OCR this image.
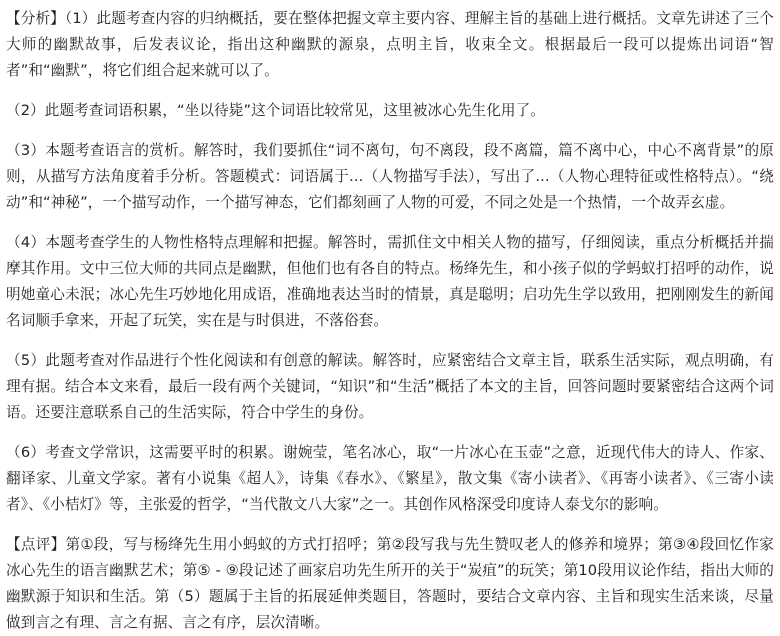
【分析】（1）此题考查内容的归纳概括，要在整体把握文章主要内容、理解主旨的基础上进行概括。文章先讲述了三个大师的幽默故事，后发表议论，指出这种幽默的源泉，点明主旨，收束全文。根据最后一段可以提炼出词语“智者”和“幽默”，将它们组合起来就可以了。

（2）此题考查词语积累，“坐以待毙”这个词语比较常见，这里被冰心先生化用了。

（3）本题考查语言的赏析。解答时，我们要抓住“词不离句，句不离段，段不离篇，篇不离中心，中心不离背景”的原则，从描写方法角度着手分析。答题模式：词语属于...（人物描写手法），写出了...（人物心理特征或性格特点）。“绕动”和“神秘”，一个描写动作，一个描写神态，它们都刻画了人物的可爱，不同之处是一个热情，一个故弄玄虚。

（4）本题考查学生的人物性格特点理解和把握。解答时，需抓住文中相关人物的描写，仔细阅读，重点分析概括并揣摩其作用。文中三位大师的共同点是幽默，但他们也有各自的特点。杨绛先生，和小孩子似的学蚂蚁打招呼的动作，说明她童心未泯；冰心先生巧妙地化用成语，准确地表达当时的情景，真是聪明；启功先生学以致用，把刚刚发生的新闻名词顺手拿来，开起了玩笑，实在是与时俱进，不落俗套。

（5）此题考查对作品进行个性化阅读和有创意的解读。解答时，应紧密结合文章主旨，联系生活实际，观点明确，有理有据。结合本文来看，最后一段有两个关键词，“知识”和“生活”概括了本文的主旨，回答问题时要紧密结合这两个词语。还要注意联系自己的生活实际，符合中学生的身份。

（6）考查文学常识，这需要平时的积累。谢婉莹，笔名冰心，取“一片冰心在玉壶”之意，近现代伟大的诗人、作家、翻译家、儿童文学家。著有小说集《超人》，诗集《春水》、《繁星》，散文集《寄小读者》、《再寄小读者》、《三寄小读者》、《小桔灯》等，主张爱的哲学，“当代散文八大家”之一。其创作风格深受印度诗人泰戈尔的影响。

【点评】第①段，写与杨绛先生用小蚂蚁的方式打招呼；第②段写我与先生赞叹老人的修养和境界；第③④段回忆作家冰心先生的语言幽默艺术；第⑤ - ⑨段记述了画家启功先生所开的关于“炭疽”的玩笑；第10段用议论作结，指出大师的幽默源于知识和生活。第（5）题属于主旨的拓展延伸类题目，答题时，要结合文章内容、主旨和现实生活来谈，尽量做到言之有理、言之有据、言之有序，层次清晰。
